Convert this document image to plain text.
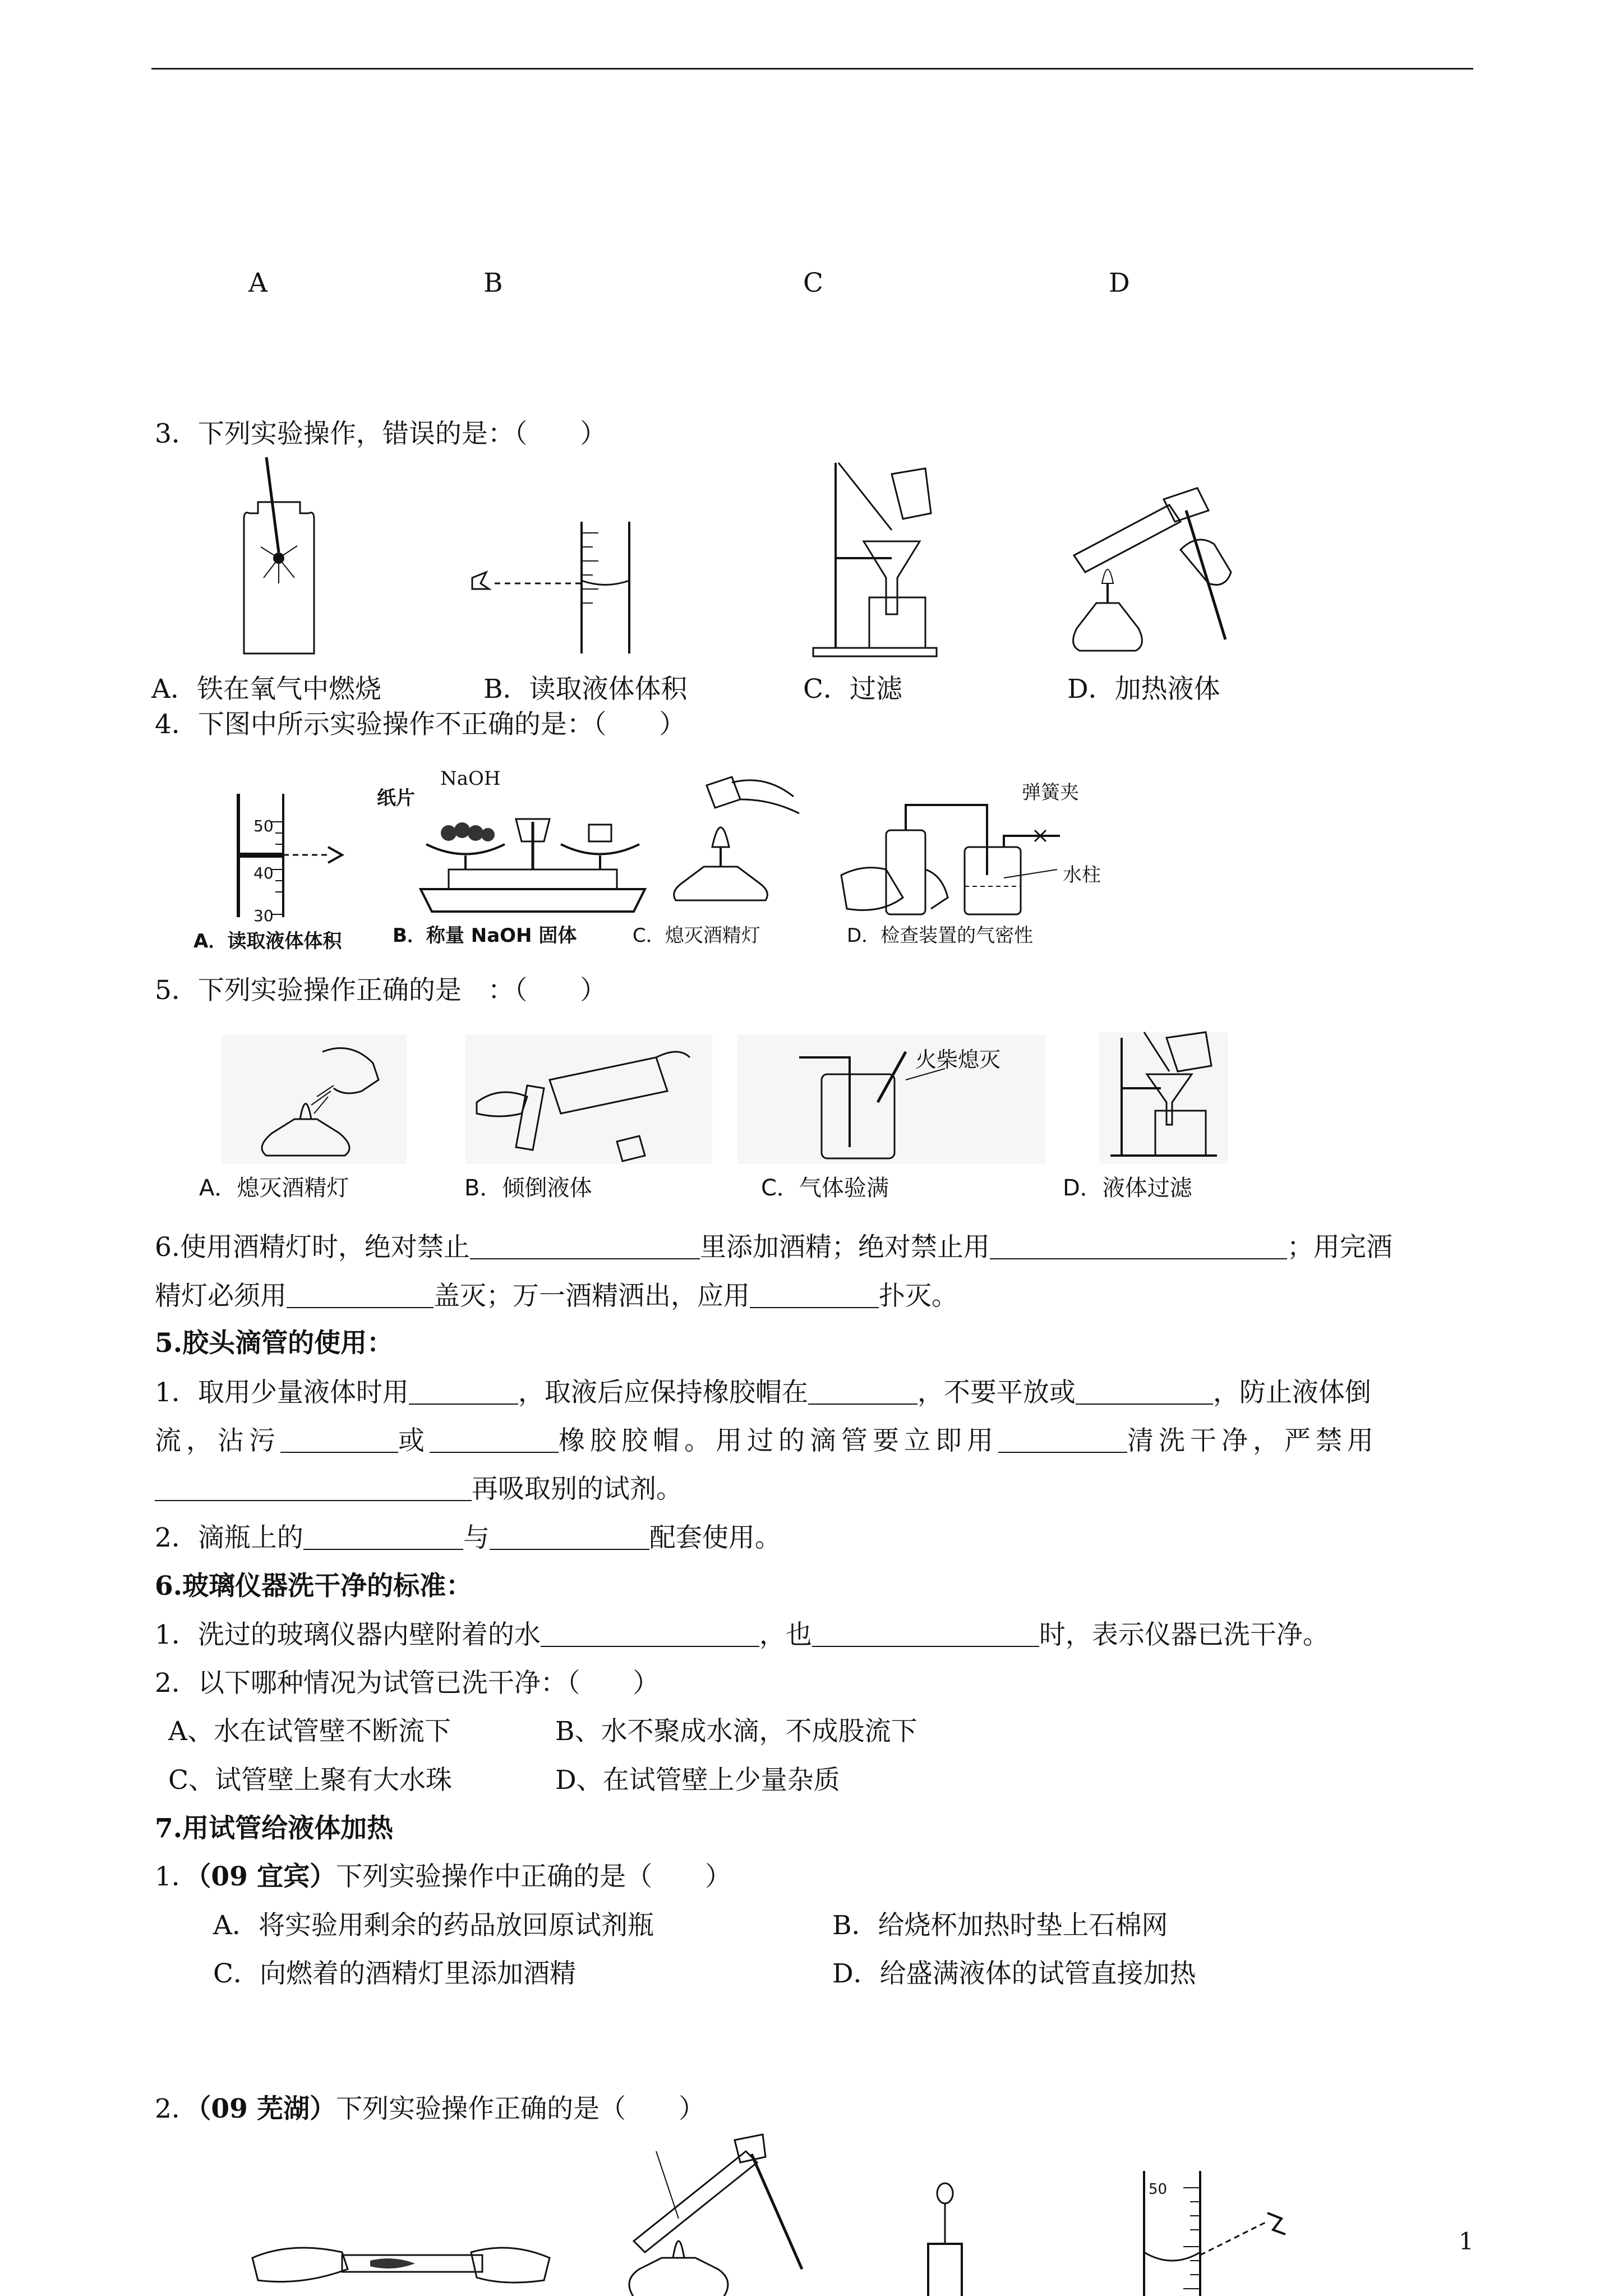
A	B	C	D
3．下列实验操作，错误的是：（　　）
A．铁在氧气中燃烧	B．读取液体体积	C．过滤	D．加热液体
4．下图中所示实验操作不正确的是：（　　）
50
40
30
NaOH
纸片	弹簧夹
水柱
A．读取液体体积	B．称量 NaOH 固体	C．熄灭酒精灯	D．检查装置的气密性
5．下列实验操作正确的是　：（　　）
火柴熄灭
A．熄灭酒精灯	B．倾倒液体	C．气体验满	D．液体过滤
6.使用酒精灯时，绝对禁止	里添加酒精；绝对禁止用	；用完酒
精灯必须用	盖灭；万一酒精洒出，应用	扑灭。
5.胶头滴管的使用：
1．取用少量液体时用	，取液后应保持橡胶帽在	，不要平放或	，防止液体倒
流，沾污	或	橡胶胶帽。用过的滴管要立即用	清洗干净，严禁用
再吸取别的试剂。
2．滴瓶上的	与	配套使用。
6.玻璃仪器洗干净的标准：
1．洗过的玻璃仪器内壁附着的水	，也	时，表示仪器已洗干净。
2．以下哪种情况为试管已洗干净：（　　）
A、水在试管壁不断流下	B、水不聚成水滴，不成股流下
C、试管壁上聚有大水珠	D、在试管壁上少量杂质
7.用试管给液体加热
1．（09 宜宾）下列实验操作中正确的是（　　）
A．将实验用剩余的药品放回原试剂瓶	B．给烧杯加热时垫上石棉网
C．向燃着的酒精灯里添加酒精	D．给盛满液体的试管直接加热
2．（09 芜湖）下列实验操作正确的是（　　）
50
1
